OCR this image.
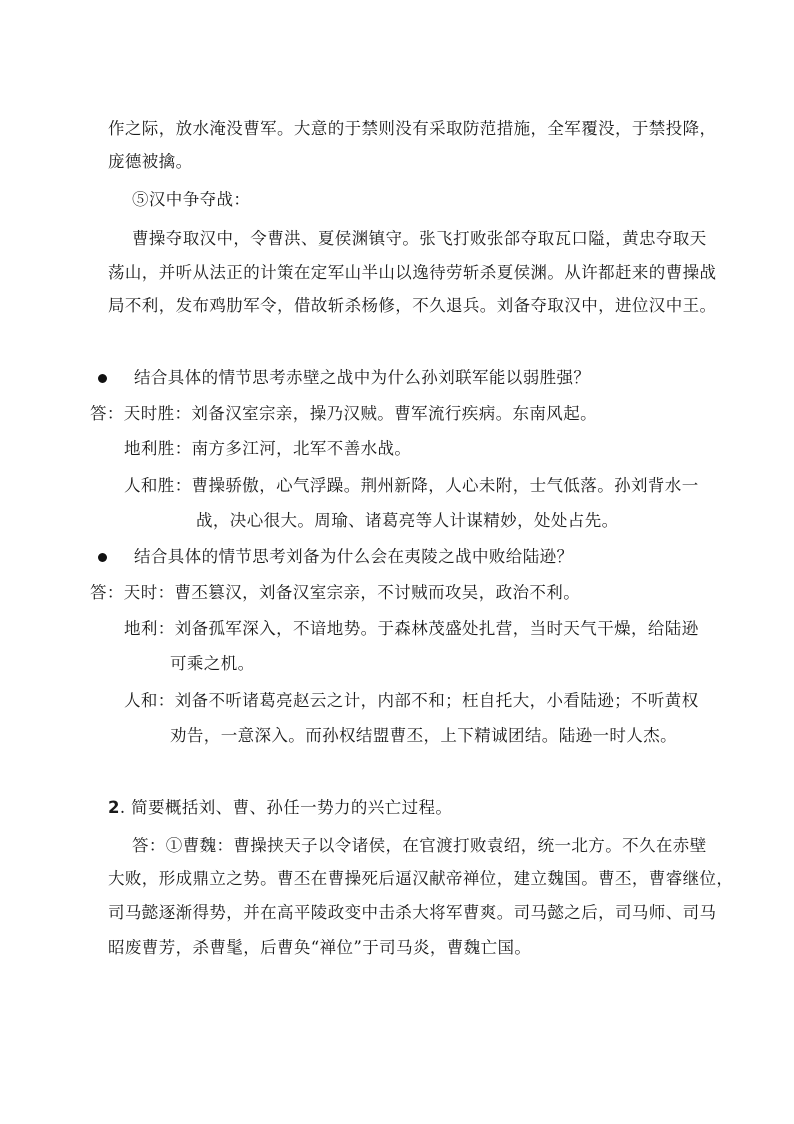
作之际，放水淹没曹军。大意的于禁则没有采取防范措施，全军覆没，于禁投降，
庞德被擒。
⑤汉中争夺战：
曹操夺取汉中，令曹洪、夏侯渊镇守。张飞打败张郃夺取瓦口隘，黄忠夺取天
荡山，并听从法正的计策在定军山半山以逸待劳斩杀夏侯渊。从许都赶来的曹操战
局不利，发布鸡肋军令，借故斩杀杨修，不久退兵。刘备夺取汉中，进位汉中王。
结合具体的情节思考赤壁之战中为什么孙刘联军能以弱胜强？
答：天时胜：刘备汉室宗亲，操乃汉贼。曹军流行疾病。东南风起。
地利胜：南方多江河，北军不善水战。
人和胜：曹操骄傲，心气浮躁。荆州新降，人心未附，士气低落。孙刘背水一
战，决心很大。周瑜、诸葛亮等人计谋精妙，处处占先。
结合具体的情节思考刘备为什么会在夷陵之战中败给陆逊？
答：天时：曹丕篡汉，刘备汉室宗亲，不讨贼而攻吴，政治不利。
地利：刘备孤军深入，不谙地势。于森林茂盛处扎营，当时天气干燥，给陆逊
可乘之机。
人和：刘备不听诸葛亮赵云之计，内部不和；枉自托大，小看陆逊；不听黄权
劝告，一意深入。而孙权结盟曹丕，上下精诚团结。陆逊一时人杰。
2. 简要概括刘、曹、孙任一势力的兴亡过程。
答：①曹魏：曹操挟天子以令诸侯，在官渡打败袁绍，统一北方。不久在赤壁
大败，形成鼎立之势。曹丕在曹操死后逼汉献帝禅位，建立魏国。曹丕，曹睿继位，
司马懿逐渐得势，并在高平陵政变中击杀大将军曹爽。司马懿之后，司马师、司马
昭废曹芳，杀曹髦，后曹奂“禅位”于司马炎，曹魏亡国。
